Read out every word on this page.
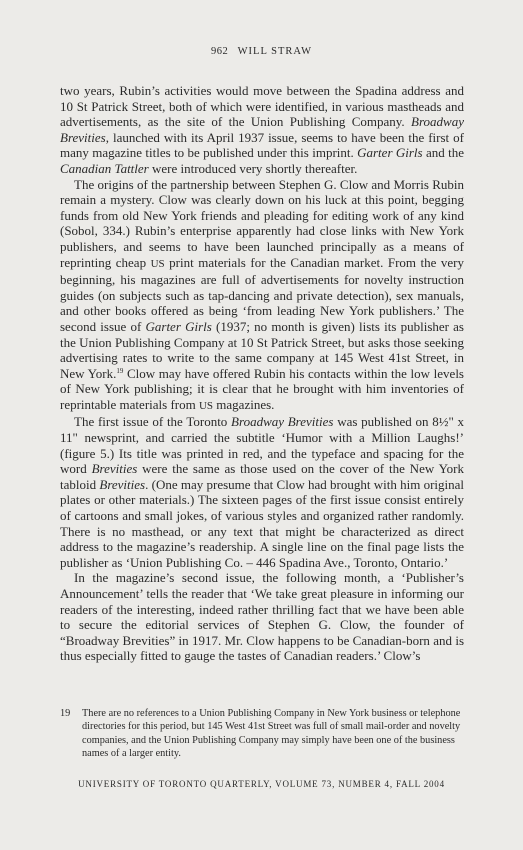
962 WILL STRAW

two years, Rubin’s activities would move between the Spadina address and 10 St Patrick Street, both of which were identified, in various mastheads and advertisements, as the site of the Union Publishing Company. Broadway Brevities, launched with its April 1937 issue, seems to have been the first of many magazine titles to be published under this imprint. Garter Girls and the Canadian Tattler were introduced very shortly thereafter.

The origins of the partnership between Stephen G. Clow and Morris Rubin remain a mystery. Clow was clearly down on his luck at this point, begging funds from old New York friends and pleading for editing work of any kind (Sobol, 334.) Rubin’s enterprise apparently had close links with New York publishers, and seems to have been launched principally as a means of reprinting cheap US print materials for the Canadian market. From the very beginning, his magazines are full of advertisements for novelty instruction guides (on subjects such as tap-dancing and private detection), sex manuals, and other books offered as being ‘from leading New York publishers.’ The second issue of Garter Girls (1937; no month is given) lists its publisher as the Union Publishing Company at 10 St Patrick Street, but asks those seeking advertising rates to write to the same company at 145 West 41st Street, in New York.$^{19}$ Clow may have offered Rubin his contacts within the low levels of New York publishing; it is clear that he brought with him inventories of reprintable materials from US magazines.

The first issue of the Toronto Broadway Brevities was published on 8½" x 11" newsprint, and carried the subtitle ‘Humor with a Million Laughs!’ (figure 5.) Its title was printed in red, and the typeface and spacing for the word Brevities were the same as those used on the cover of the New York tabloid Brevities. (One may presume that Clow had brought with him original plates or other materials.) The sixteen pages of the first issue consist entirely of cartoons and small jokes, of various styles and organized rather randomly. There is no masthead, or any text that might be characterized as direct address to the magazine’s readership. A single line on the final page lists the publisher as ‘Union Publishing Co. – 446 Spadina Ave., Toronto, Ontario.’

In the magazine’s second issue, the following month, a ‘Publisher’s Announcement’ tells the reader that ‘We take great pleasure in informing our readers of the interesting, indeed rather thrilling fact that we have been able to secure the editorial services of Stephen G. Clow, the founder of “Broadway Brevities” in 1917. Mr. Clow happens to be Canadian-born and is thus especially fitted to gauge the tastes of Canadian readers.’ Clow’s

19	There are no references to a Union Publishing Company in New York business or telephone directories for this period, but 145 West 41st Street was full of small mail-order and novelty companies, and the Union Publishing Company may simply have been one of the business names of a larger entity.
UNIVERSITY OF TORONTO QUARTERLY, VOLUME 73, NUMBER 4, FALL 2004
